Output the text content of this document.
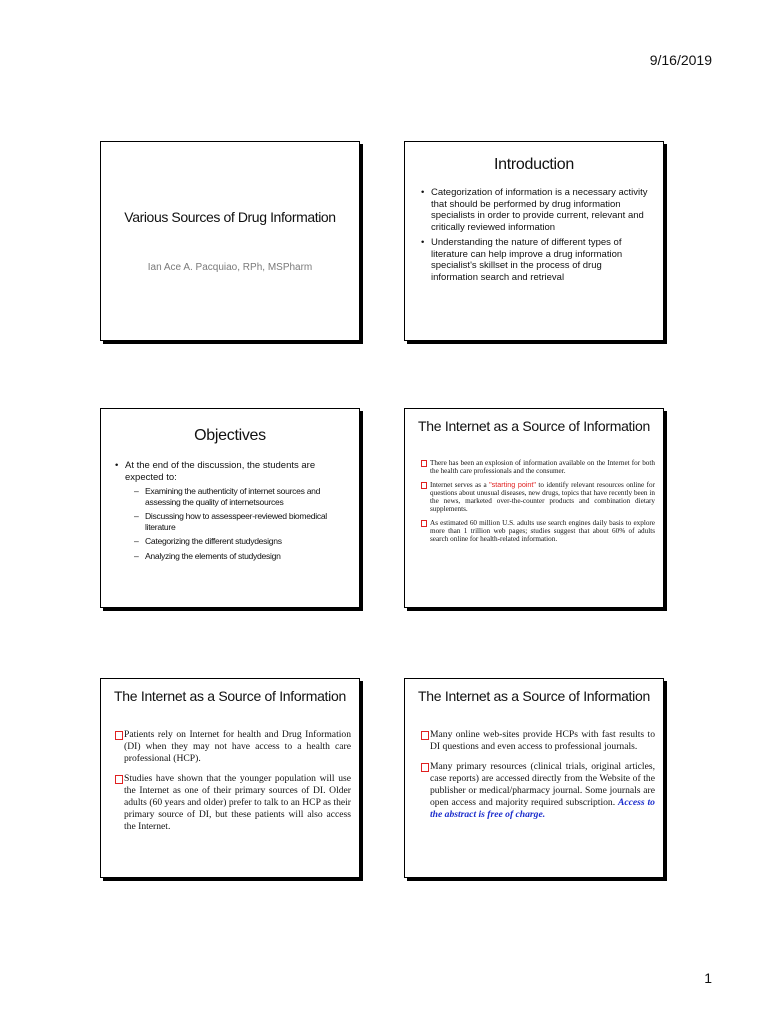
9/16/2019
Various Sources of Drug Information
Ian Ace A. Pacquiao, RPh, MSPharm
Introduction
• Categorization of information is a necessary activity that should be performed by drug information specialists in order to provide current, relevant and critically reviewed information
• Understanding the nature of different types of literature can help improve a drug information specialist's skillset in the process of drug information search and retrieval
Objectives
• At the end of the discussion, the students are expected to:
– Examining the authenticity of internet sources and assessing the quality of internetsources
– Discussing how to assesspeer-reviewed biomedical literature
– Categorizing the different studydesigns
– Analyzing the elements of studydesign
The Internet as a Source of Information
There has been an explosion of information available on the Internet for both the health care professionals and the consumer.
Internet serves as a "starting point" to identify relevant resources online for questions about unusual diseases, new drugs, topics that have recently been in the news, marketed over-the-counter products and combination dietary supplements.
As estimated 60 million U.S. adults use search engines daily basis to explore more than 1 trillion web pages; studies suggest that about 60% of adults search online for health-related information.
The Internet as a Source of Information
Patients rely on Internet for health and Drug Information (DI) when they may not have access to a health care professional (HCP).
Studies have shown that the younger population will use the Internet as one of their primary sources of DI. Older adults (60 years and older) prefer to talk to an HCP as their primary source of DI, but these patients will also access the Internet.
The Internet as a Source of Information
Many online web-sites provide HCPs with fast results to DI questions and even access to professional journals.
Many primary resources (clinical trials, original articles, case reports) are accessed directly from the Website of the publisher or medical/pharmacy journal. Some journals are open access and majority required subscription. Access to the abstract is free of charge.
1
